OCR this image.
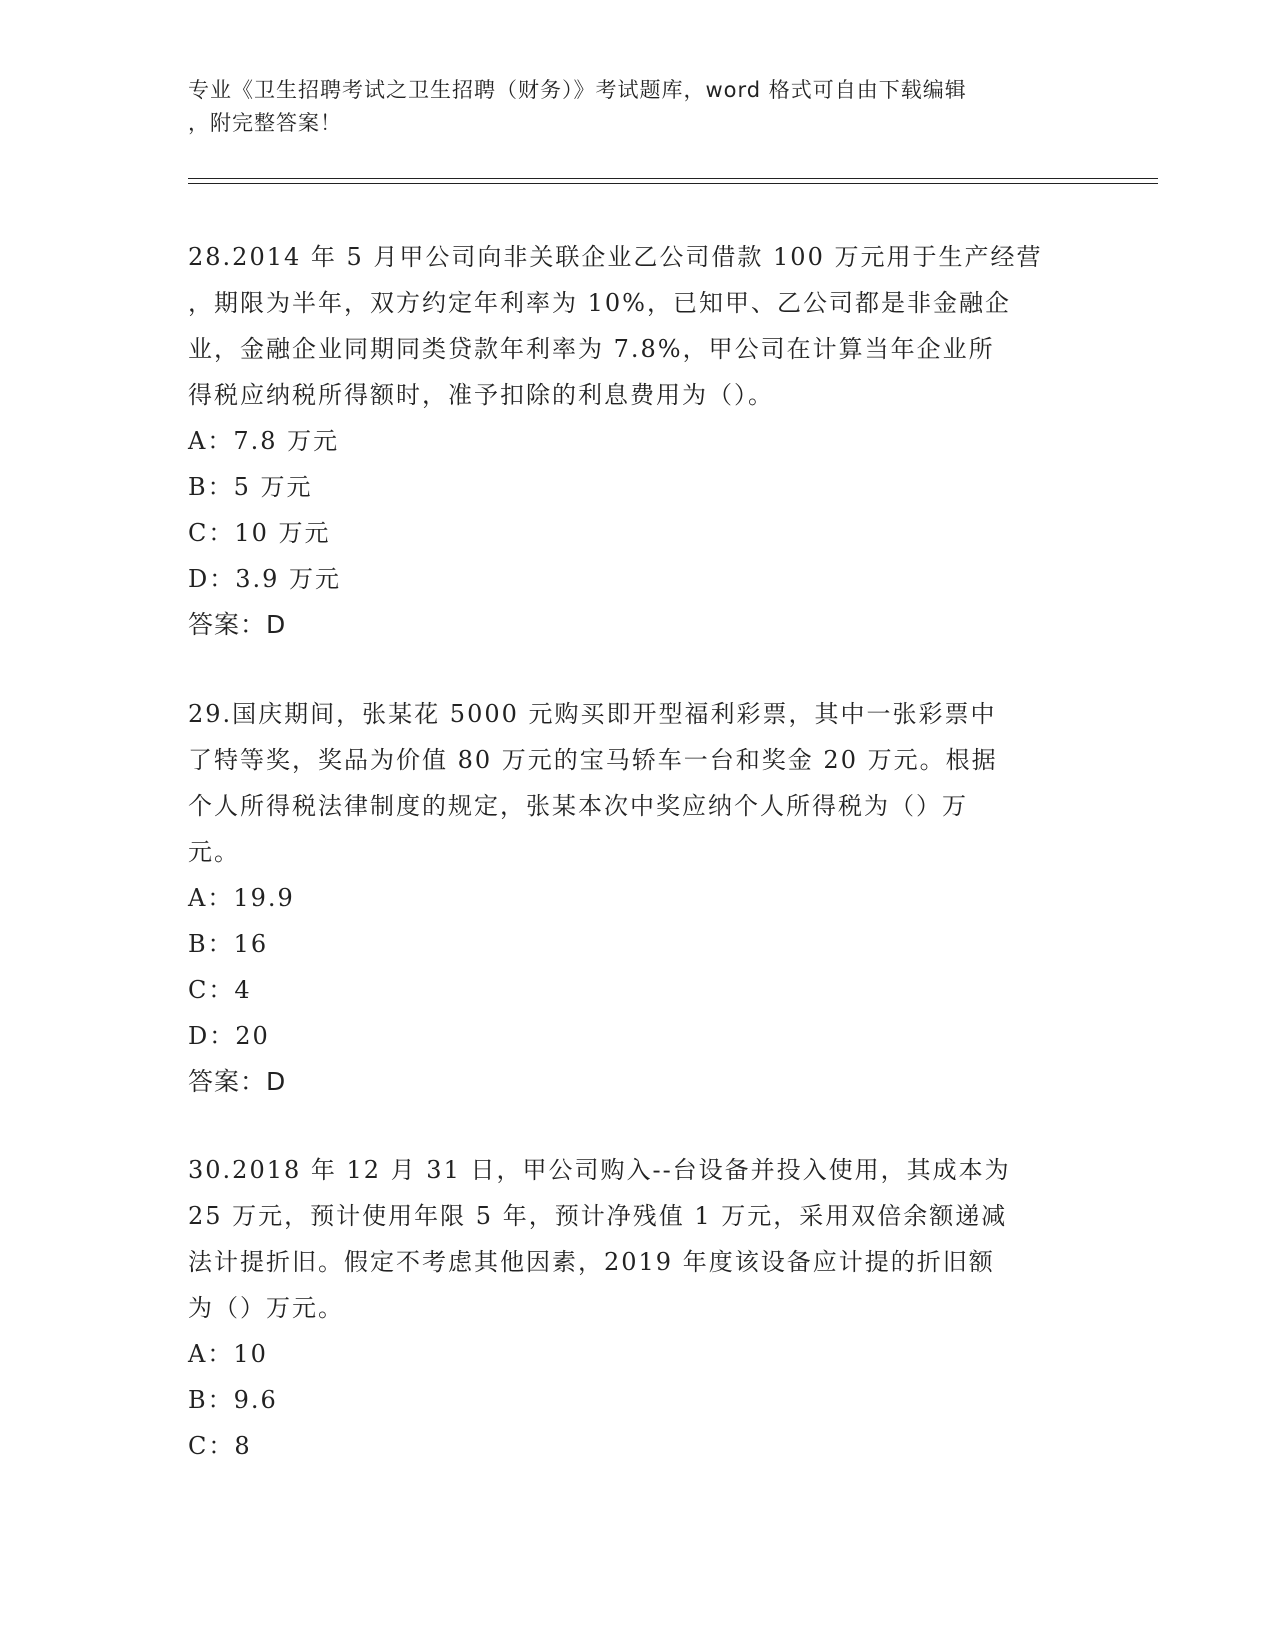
专业《卫生招聘考试之卫生招聘（财务）》考试题库，word 格式可自由下载编辑
，附完整答案！

28.2014 年 5 月甲公司向非关联企业乙公司借款 100 万元用于生产经营
，期限为半年，双方约定年利率为 10%，已知甲、乙公司都是非金融企
业，金融企业同期同类贷款年利率为 7.8%，甲公司在计算当年企业所
得税应纳税所得额时，准予扣除的利息费用为（）。

A：7.8 万元

B：5 万元

C：10 万元

D：3.9 万元

答案：D

29.国庆期间，张某花 5000 元购买即开型福利彩票，其中一张彩票中
了特等奖，奖品为价值 80 万元的宝马轿车一台和奖金 20 万元。根据
个人所得税法律制度的规定，张某本次中奖应纳个人所得税为（）万
元。

A：19.9

B：16

C：4

D：20

答案：D

30.2018 年 12 月 31 日，甲公司购入--台设备并投入使用，其成本为
25 万元，预计使用年限 5 年，预计净残值 1 万元，采用双倍余额递减
法计提折旧。假定不考虑其他因素，2019 年度该设备应计提的折旧额
为（）万元。

A：10

B：9.6

C：8
